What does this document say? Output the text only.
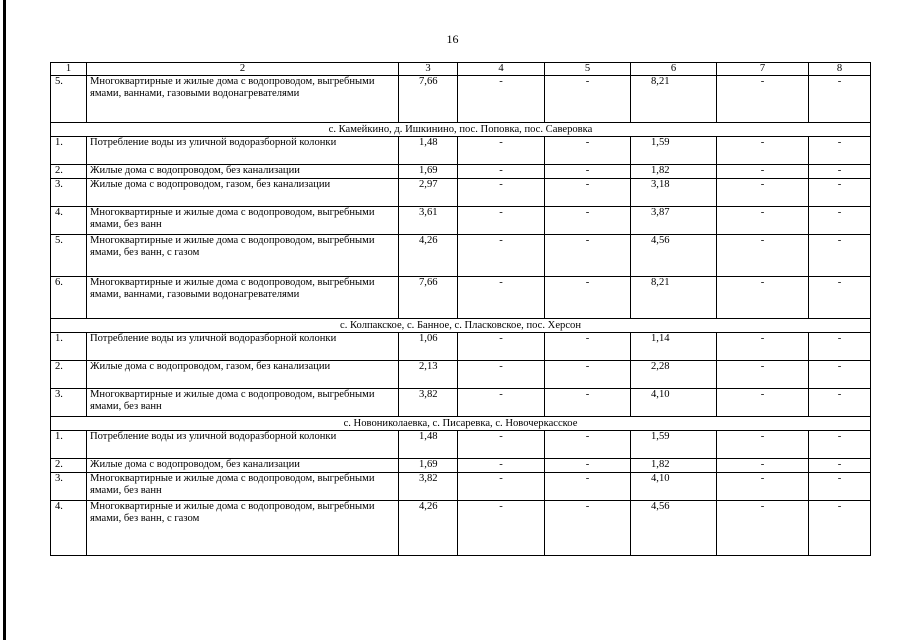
16
1	2	3	4	5	6	7	8
5.	Многоквартирные и жилые дома с водопроводом, выгребными ямами, ваннами, газовыми водонагревателями	7,66	-	-	8,21	-	-
с. Камейкино, д. Ишкинино, пос. Поповка, пос. Саверовка							
1.	Потребление воды из уличной водоразборной колонки	1,48	-	-	1,59	-	-
2.	Жилые дома с водопроводом, без канализации	1,69	-	-	1,82	-	-
3.	Жилые дома с водопроводом, газом, без канализации	2,97	-	-	3,18	-	-
4.	Многоквартирные и жилые дома с водопроводом, выгребными ямами, без ванн	3,61	-	-	3,87	-	-
5.	Многоквартирные и жилые дома с водопроводом, выгребными ямами, без ванн, с газом	4,26	-	-	4,56	-	-
6.	Многоквартирные и жилые дома с водопроводом, выгребными ямами, ваннами, газовыми водонагревателями	7,66	-	-	8,21	-	-
с. Колпакское, с. Банное, с. Пласковское, пос. Херсон							
1.	Потребление воды из уличной водоразборной колонки	1,06	-	-	1,14	-	-
2.	Жилые дома с водопроводом, газом, без канализации	2,13	-	-	2,28	-	-
3.	Многоквартирные и жилые дома с водопроводом, выгребными ямами, без ванн	3,82	-	-	4,10	-	-
с. Новониколаевка, с. Писаревка, с. Новочеркасское							
1.	Потребление воды из уличной водоразборной колонки	1,48	-	-	1,59	-	-
2.	Жилые дома с водопроводом, без канализации	1,69	-	-	1,82	-	-
3.	Многоквартирные и жилые дома с водопроводом, выгребными ямами, без ванн	3,82	-	-	4,10	-	-
4.	Многоквартирные и жилые дома с водопроводом, выгребными ямами, без ванн, с газом	4,26	-	-	4,56	-	-
